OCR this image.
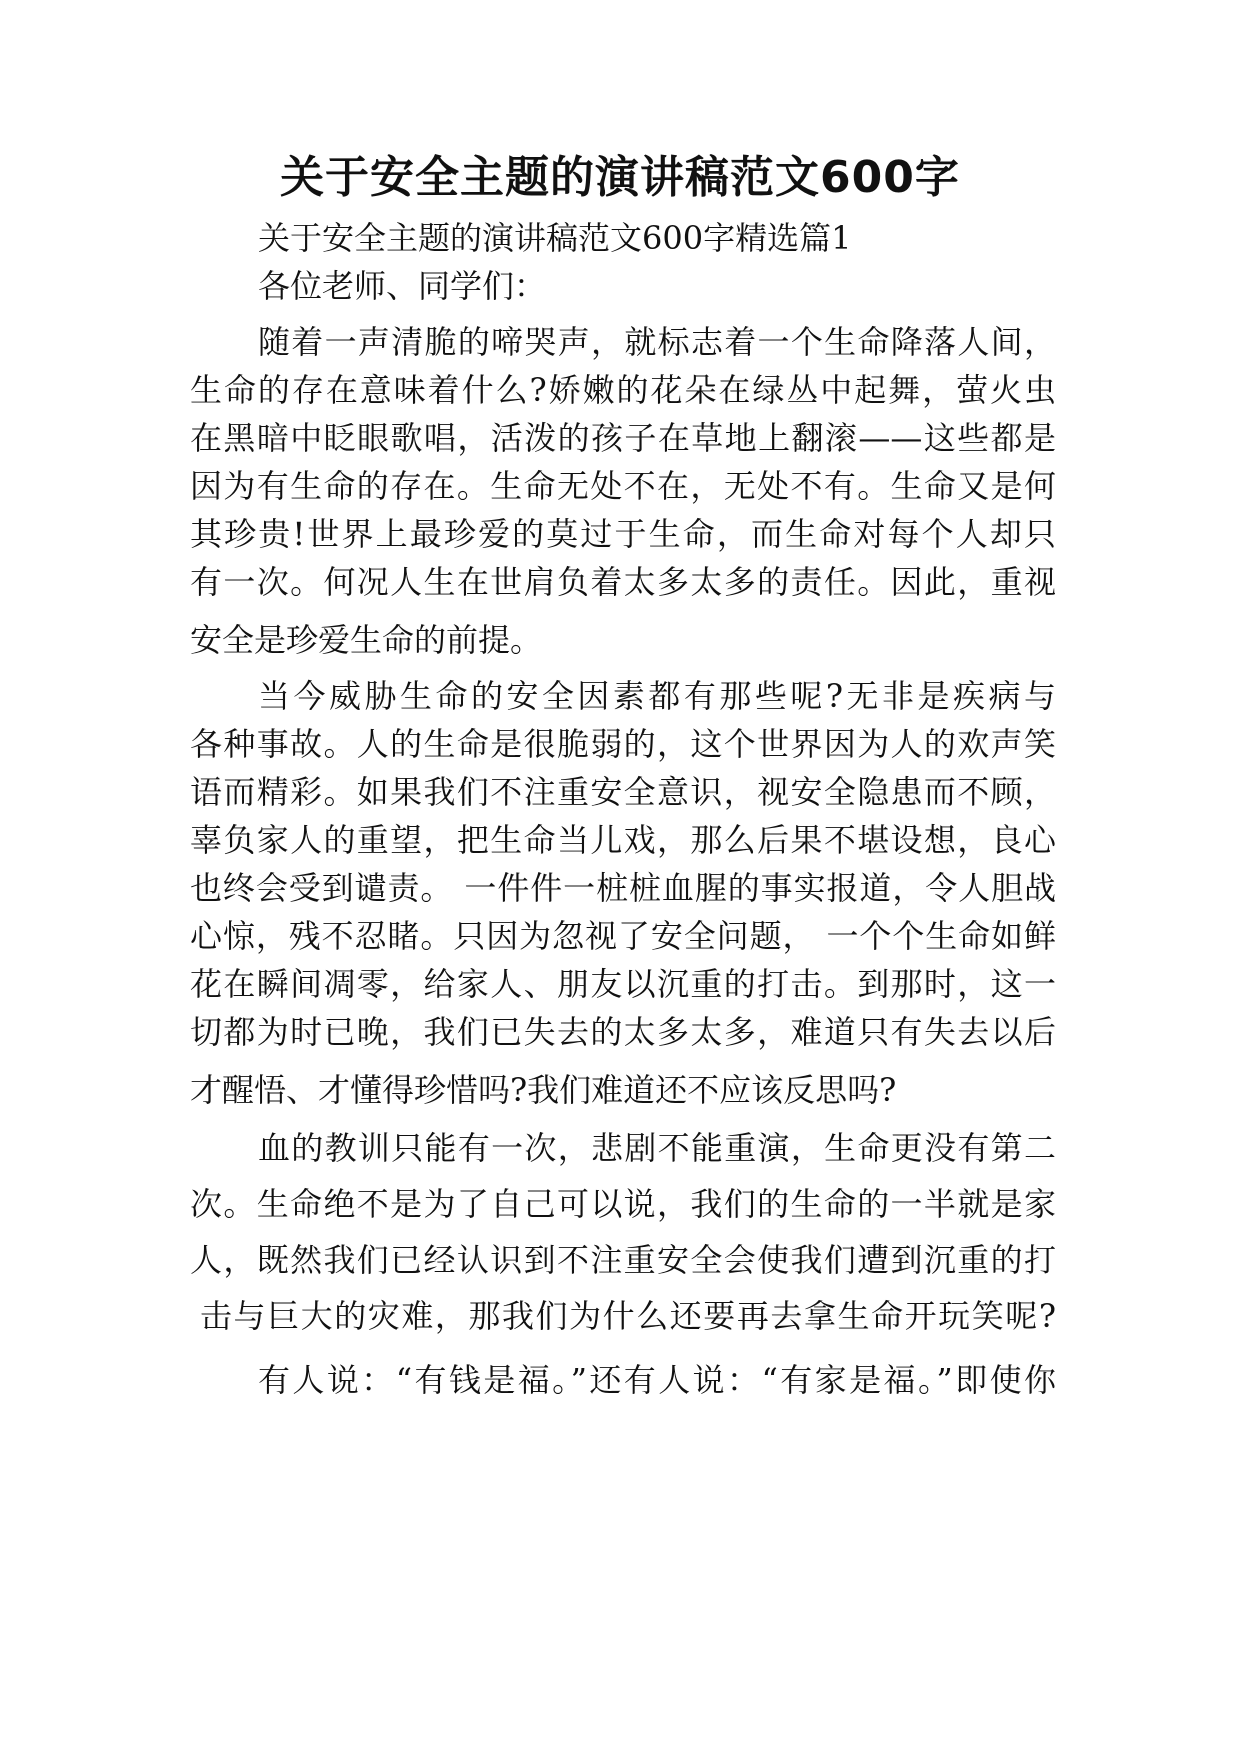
关于安全主题的演讲稿范文600字
关于安全主题的演讲稿范文600字精选篇1
各位老师、同学们：
随着一声清脆的啼哭声，就标志着一个生命降落人间，
生命的存在意味着什么?娇嫩的花朵在绿丛中起舞，萤火虫
在黑暗中眨眼歌唱，活泼的孩子在草地上翻滚——这些都是
因为有生命的存在。生命无处不在，无处不有。生命又是何
其珍贵!世界上最珍爱的莫过于生命，而生命对每个人却只
有一次。何况人生在世肩负着太多太多的责任。因此，重视
安全是珍爱生命的前提。
当今威胁生命的安全因素都有那些呢?无非是疾病与
各种事故。人的生命是很脆弱的，这个世界因为人的欢声笑
语而精彩。如果我们不注重安全意识，视安全隐患而不顾，
辜负家人的重望，把生命当儿戏，那么后果不堪设想，良心
也终会受到谴责。 一件件一桩桩血腥的事实报道，令人胆战
心惊，残不忍睹。只因为忽视了安全问题， 一个个生命如鲜
花在瞬间凋零，给家人、朋友以沉重的打击。到那时，这一
切都为时已晚，我们已失去的太多太多，难道只有失去以后
才醒悟、才懂得珍惜吗?我们难道还不应该反思吗?
血的教训只能有一次，悲剧不能重演，生命更没有第二
次。生命绝不是为了自己可以说，我们的生命的一半就是家
人，既然我们已经认识到不注重安全会使我们遭到沉重的打
击与巨大的灾难，那我们为什么还要再去拿生命开玩笑呢?
有人说：“有钱是福。”还有人说：“有家是福。”即使你
